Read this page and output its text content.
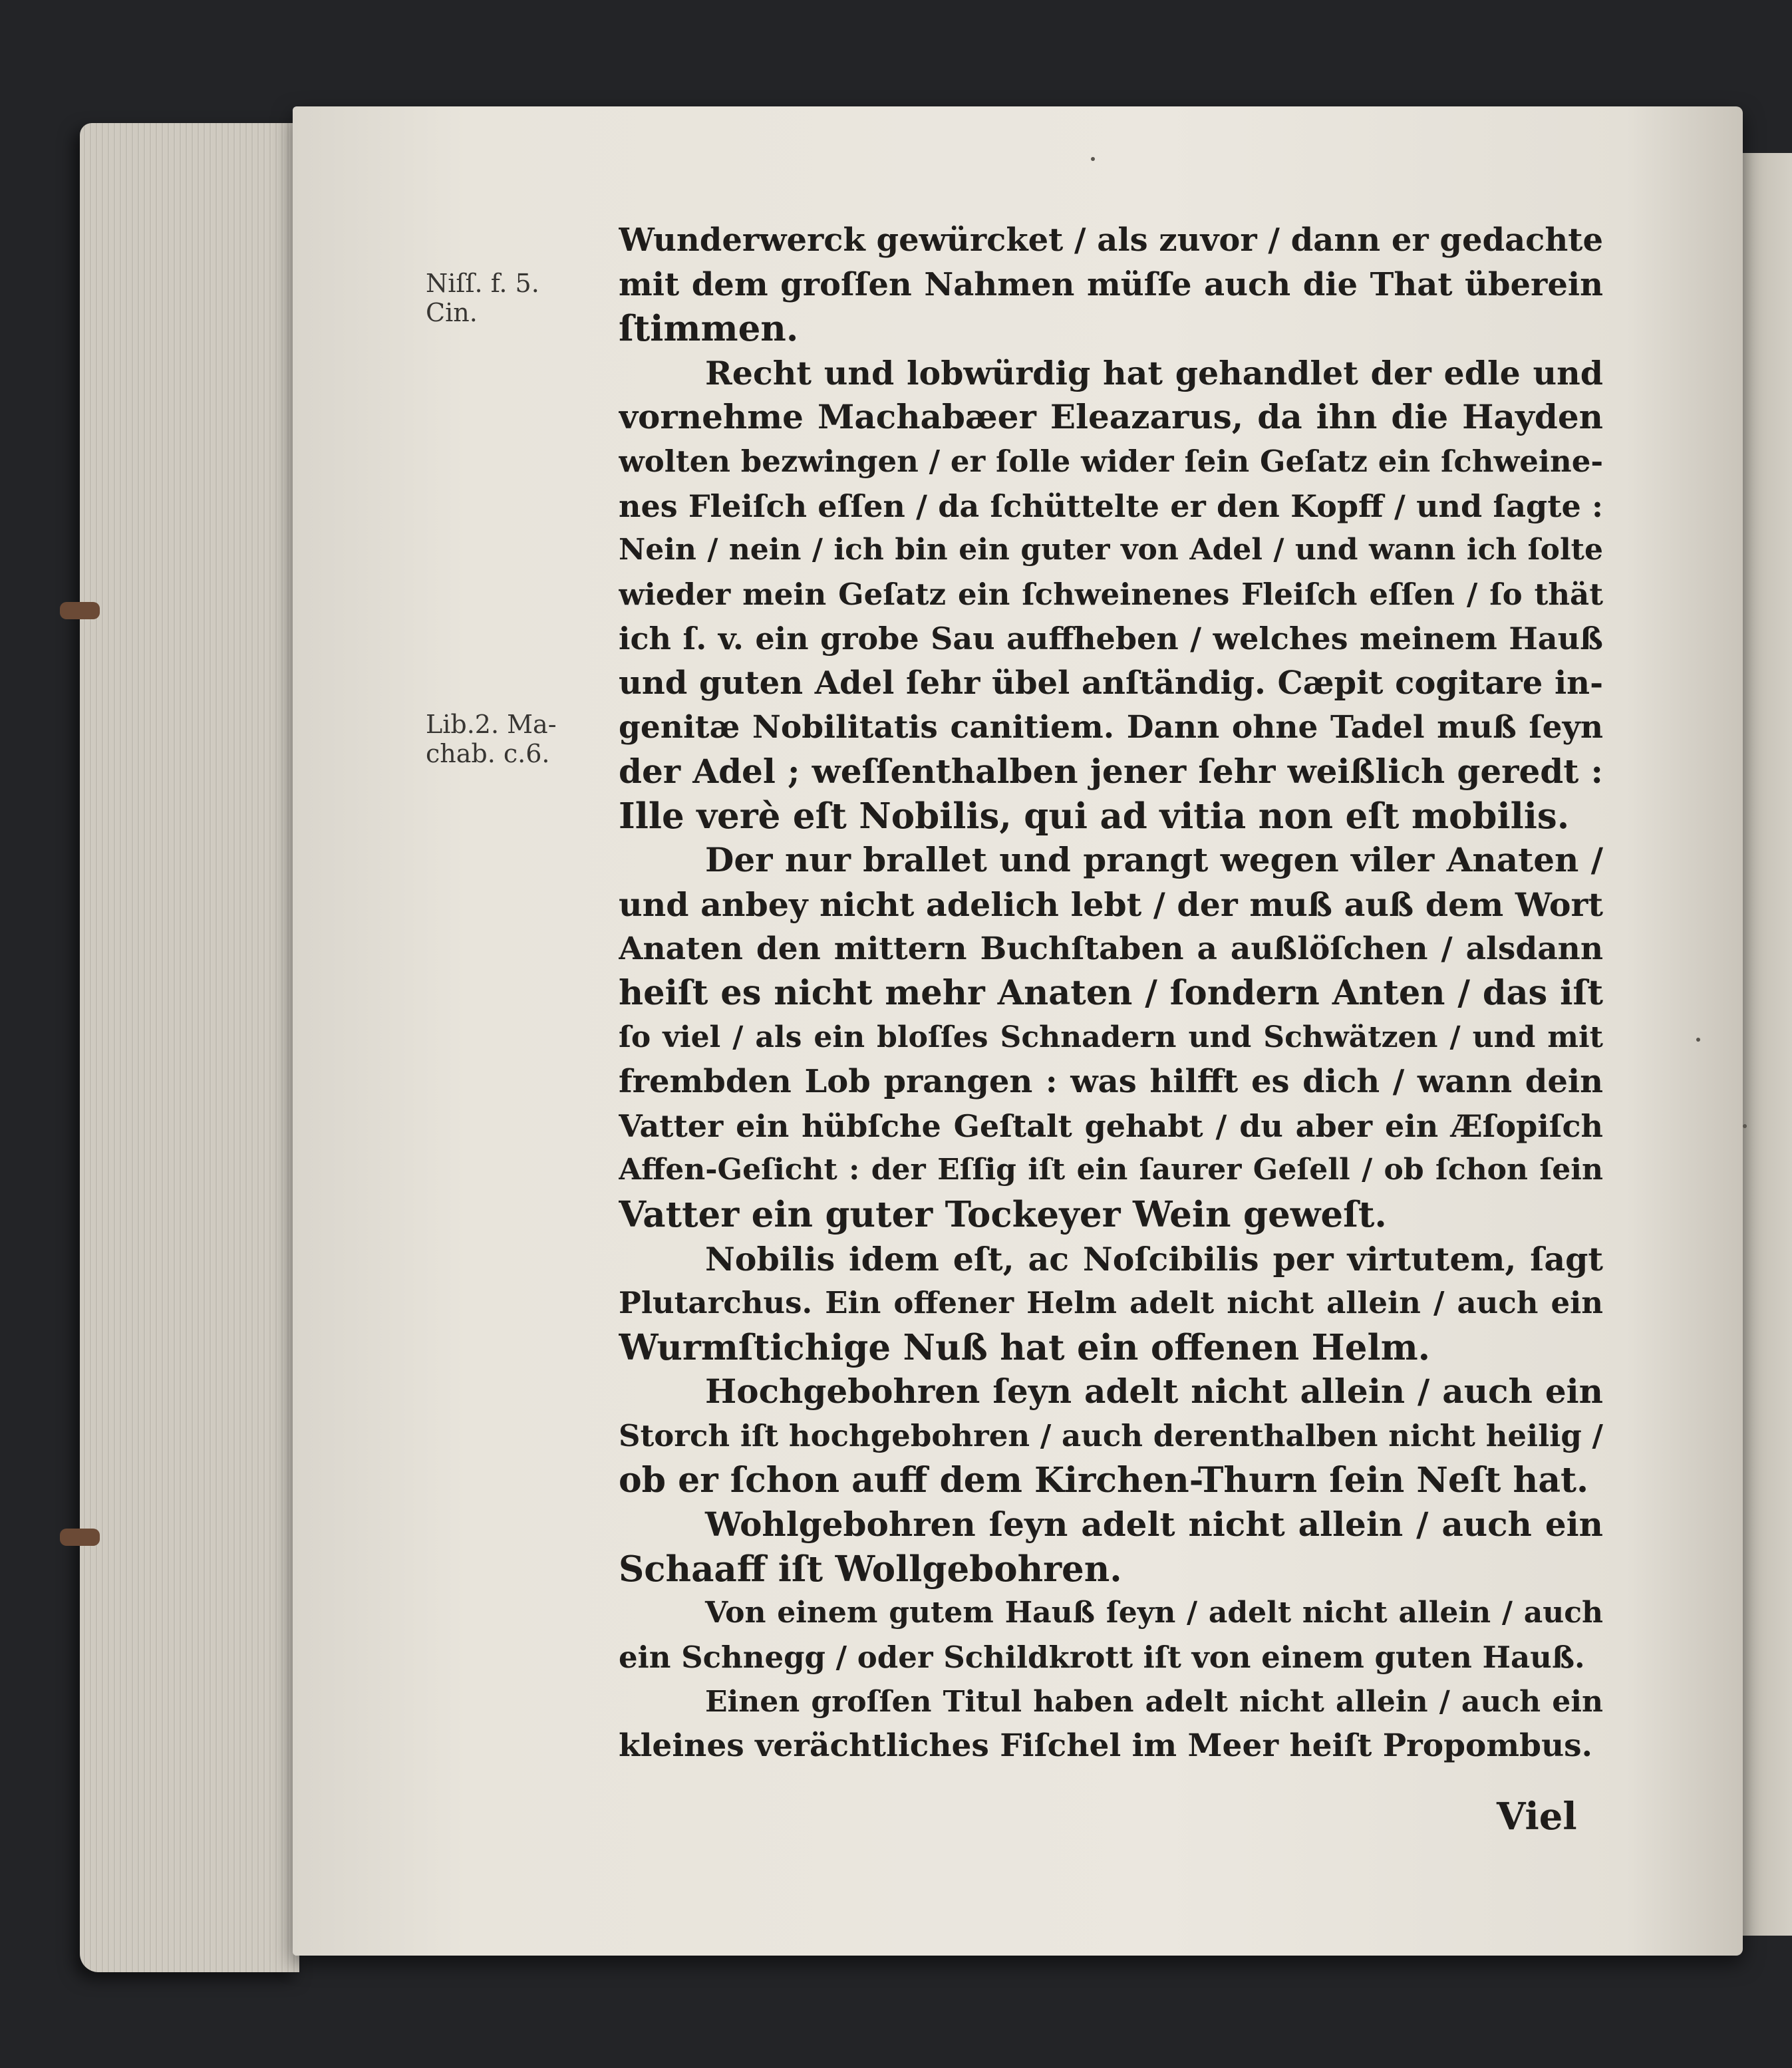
Niſſ. f. 5.
Cin.
Lib.2. Ma-
chab. c.6.
Wunderwerck gewürcket / als zuvor / dann er gedachte
mit dem groſſen Nahmen müſſe auch die That überein
ſtimmen.
Recht und lobwürdig hat gehandlet der edle und
vornehme Machabæer Eleazarus, da ihn die Hayden
wolten bezwingen / er ſolle wider ſein Geſatz ein ſchweine-
nes Fleiſch eſſen / da ſchüttelte er den Kopff / und ſagte :
Nein / nein / ich bin ein guter von Adel / und wann ich ſolte
wieder mein Geſatz ein ſchweinenes Fleiſch eſſen / ſo thät
ich ſ. v. ein grobe Sau auffheben / welches meinem Hauß
und guten Adel ſehr übel anſtändig. Cæpit cogitare in-
genitæ Nobilitatis canitiem. Dann ohne Tadel muß ſeyn
der Adel ; weſſenthalben jener ſehr weißlich geredt :
Ille verè eſt Nobilis, qui ad vitia non eſt mobilis.
Der nur brallet und prangt wegen viler Anaten /
und anbey nicht adelich lebt / der muß auß dem Wort
Anaten den mittern Buchſtaben a außlöſchen / alsdann
heiſt es nicht mehr Anaten / ſondern Anten / das iſt
ſo viel / als ein bloſſes Schnadern und Schwätzen / und mit
frembden Lob prangen : was hilfft es dich / wann dein
Vatter ein hübſche Geſtalt gehabt / du aber ein Æſopiſch
Affen-Geſicht : der Eſſig iſt ein ſaurer Geſell / ob ſchon ſein
Vatter ein guter Tockeyer Wein geweſt.
Nobilis idem eſt, ac Noſcibilis per virtutem, ſagt
Plutarchus. Ein offener Helm adelt nicht allein / auch ein
Wurmſtichige Nuß hat ein offenen Helm.
Hochgebohren ſeyn adelt nicht allein / auch ein
Storch iſt hochgebohren / auch derenthalben nicht heilig /
ob er ſchon auff dem Kirchen-Thurn ſein Neſt hat.
Wohlgebohren ſeyn adelt nicht allein / auch ein
Schaaff iſt Wollgebohren.
Von einem gutem Hauß ſeyn / adelt nicht allein / auch
ein Schnegg / oder Schildkrott iſt von einem guten Hauß.
Einen groſſen Titul haben adelt nicht allein / auch ein
kleines verächtliches Fiſchel im Meer heiſt Propombus.
Viel
